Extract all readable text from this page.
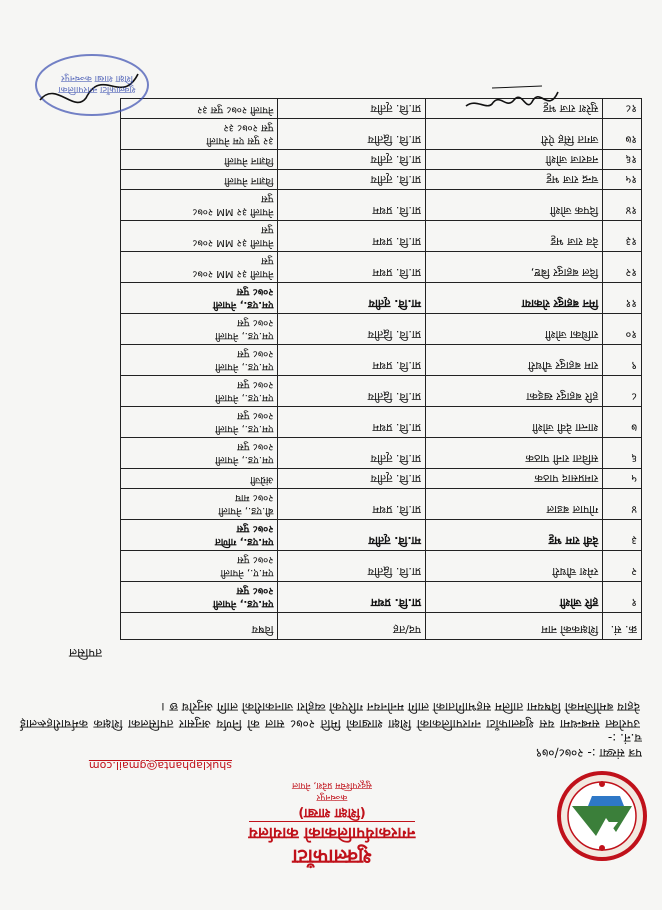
शुक्लाफाँटा
नगरकार्यपालिकाको कार्यालय
(शिक्षा शाखा)
कञ्चनपुर
सुदूरपश्चिम प्रदेश, नेपाल
shuklaphanta@gmail.com
पत्र संख्या :- २०७८/०७९
च.नं. :-
उपरोक्त सम्बन्धमा यस शुक्लाफाँटा नगरपालिकाको शिक्षा शाखाको मिति २०७८ साल को निर्णय अनुसार तपसिलका शिक्षक कर्मचारीहरूलाई देहाय बमोजिमको विषयमा तालिम सहभागिताको लागि मनोनयन गरिएको व्यहोरा जानकारीको लागि अनुरोध छ ।
तपसिल
क्र. सं.	शिक्षकको नाम	पद/तह	विषय
१	हरि जोशी	प्रा.वि. प्रथम	एम.एड., नेपाली
२०७८ पुस

२	रमेश चौधरी	प्रा.वि. द्वितीय	एम.ए., नेपाली
२०७८ पुस

३	देवी राम भट्ट	मा.वि. तृतीय	एम.एड., गणित
२०७८ पुस

४	गोपाल बडाल	प्रा.वि. प्रथम	बी.एड., नेपाली
२०७८ माघ

५	रामप्रसाद पाठक	प्रा.वि. तृतीय	अंग्रेजी

६	सविता रानी पाठक	प्रा.वि. तृतीय	एम.एड., नेपाली
२०७८ पुस

७	शान्ता देवी जोशी	प्रा.वि. प्रथम	एम.एड., नेपाली
२०७८ पुस

८	हरि बहादुर खड्का	प्रा.वि. द्वितीय	एम.एड., नेपाली
२०७८ पुस

९	राम बहादुर चौधरी	प्रा.वि. प्रथम	एम.एड., नेपाली
२०७८ पुस

१०	राधिका जोशी	प्रा.वि. द्वितीय	एम.एड., नेपाली
२०७८ पुस

११	मिन बहादुर रोकाया	मा.वि. तृतीय	एम.एड., नेपाली
२०७८ पुस

१२	दिल बहादुर बिष्ट,	प्रा.वि. प्रथम	नेपाली ३२ MM २०७८
पुस

१३	देव राज भट्ट	प्रा.वि. प्रथम	नेपाली ३२ MM २०७८
पुस

१४	दिपक जोशी	प्रा.वि. प्रथम	नेपाली ३२ MM २०७८
पुस

१५	चन्द्र राज भट्ट	प्रा.वि. तृतीय	विज्ञान नेपाली

१६	नवराज जोशी	प्रा.वि. तृतीय	विज्ञान नेपाली

१७	जगत सिंह ऐरी	प्रा.वि. द्वितीय	३२ पुस एम नेपाली
पुस २०७८ ३२

१८	सुरेश राज भट्ट	प्रा.वि. तृतीय	नेपाली २०७८ पुस ३२
शुक्लाफाँटा नगरपालिका शिक्षा शाखा कञ्चनपुर
